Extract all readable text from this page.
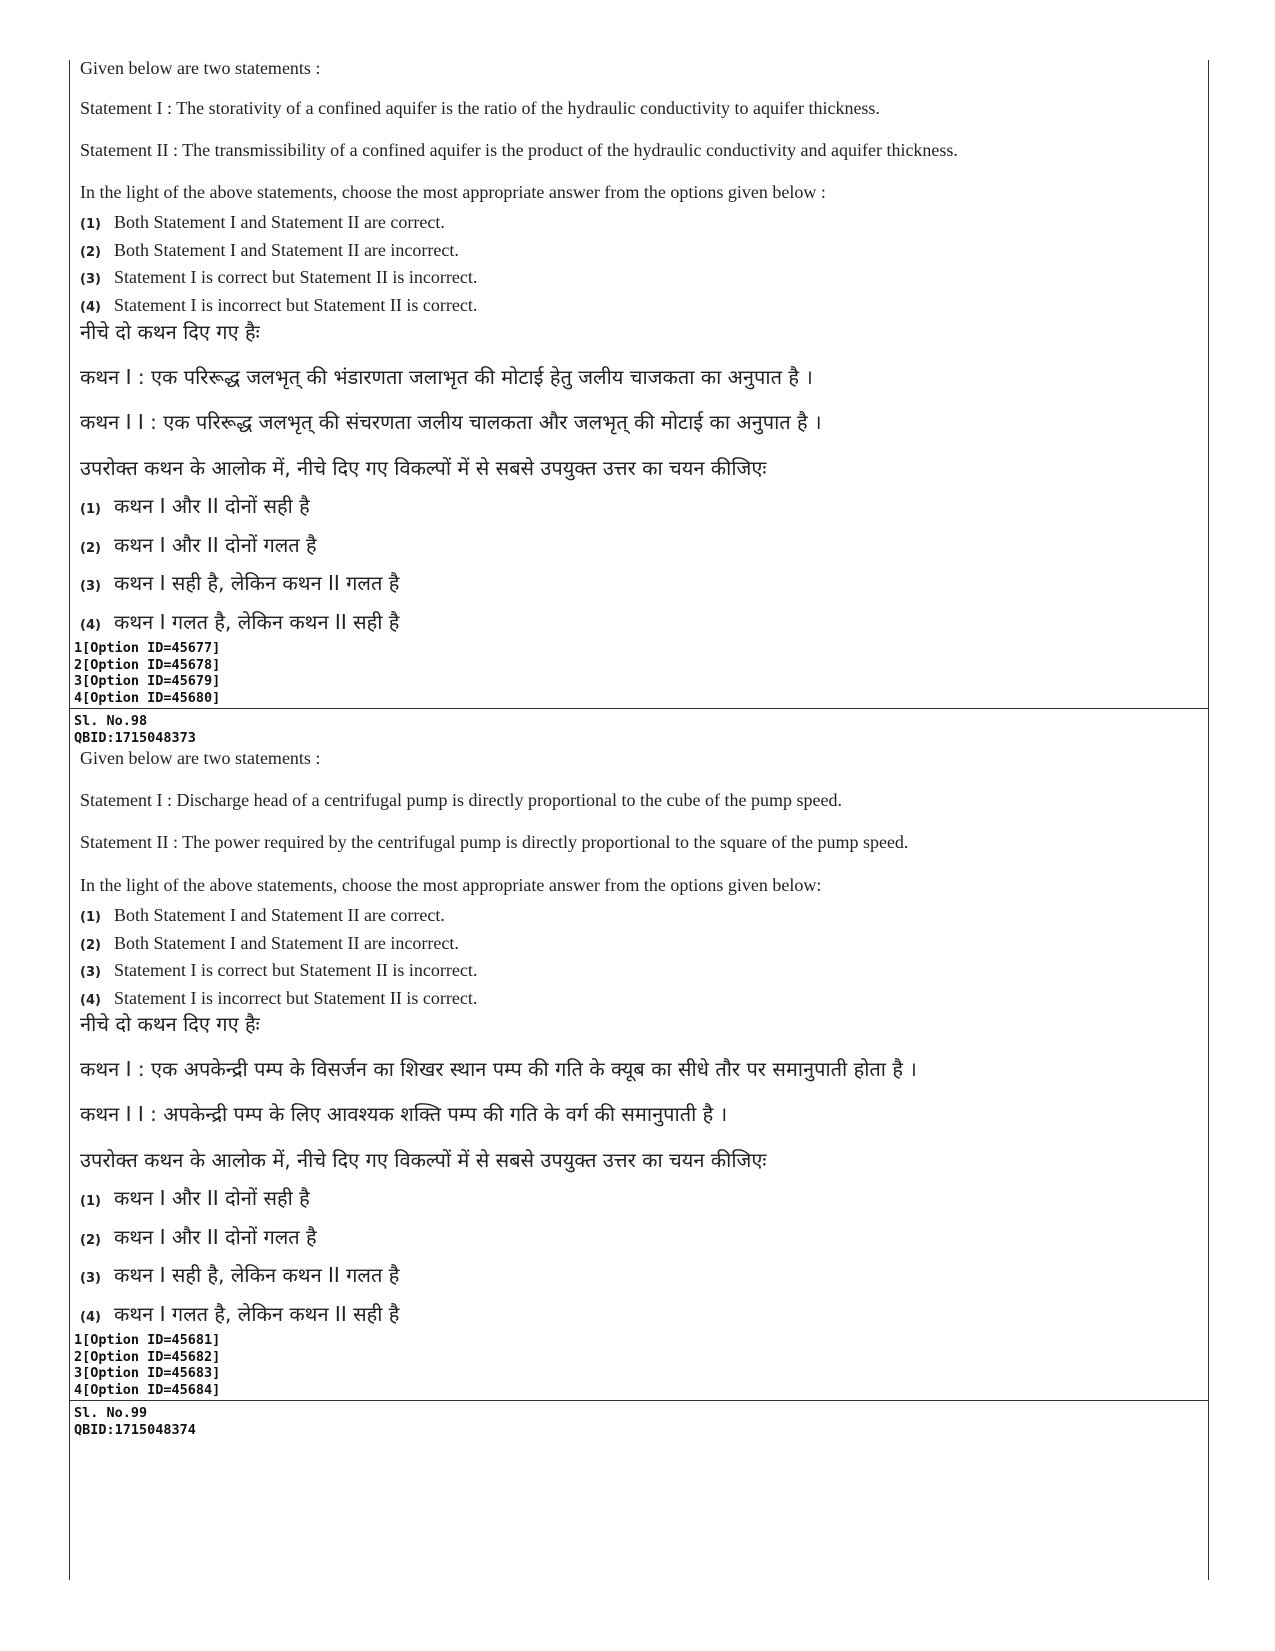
Given below are two statements :

Statement I : The storativity of a confined aquifer is the ratio of the hydraulic conductivity to aquifer thickness.

Statement II : The transmissibility of a confined aquifer is the product of the hydraulic conductivity and aquifer thickness.

In the light of the above statements, choose the most appropriate answer from the options given below :

(1) Both Statement I and Statement II are correct.
(2) Both Statement I and Statement II are incorrect.
(3) Statement I is correct but Statement II is incorrect.
(4) Statement I is incorrect but Statement II is correct.

नीचे दो कथन दिए गए हैः

कथन I : एक परिरूद्ध जलभृत् की भंडारणता जलाभृत की मोटाई हेतु जलीय चाजकता का अनुपात है ।

कथन I I : एक परिरूद्ध जलभृत् की संचरणता जलीय चालकता और जलभृत् की मोटाई का अनुपात है ।

उपरोक्त कथन के आलोक में, नीचे दिए गए विकल्पों में से सबसे उपयुक्त उत्तर का चयन कीजिएः

(1) कथन I और II दोनों सही है
(2) कथन I और II दोनों गलत है
(3) कथन I सही है, लेकिन कथन II गलत है
(4) कथन I गलत है, लेकिन कथन II सही है
1[Option ID=45677]
2[Option ID=45678]
3[Option ID=45679]
4[Option ID=45680]
Sl. No.98
QBID:1715048373

Given below are two statements :

Statement I : Discharge head of a centrifugal pump is directly proportional to the cube of the pump speed.

Statement II : The power required by the centrifugal pump is directly proportional to the square of the pump speed.

In the light of the above statements, choose the most appropriate answer from the options given below:

(1) Both Statement I and Statement II are correct.
(2) Both Statement I and Statement II are incorrect.
(3) Statement I is correct but Statement II is incorrect.
(4) Statement I is incorrect but Statement II is correct.

नीचे दो कथन दिए गए हैः

कथन I : एक अपकेन्द्री पम्प के विसर्जन का शिखर स्थान पम्प की गति के क्यूब का सीधे तौर पर समानुपाती होता है ।

कथन I I : अपकेन्द्री पम्प के लिए आवश्यक शक्ति पम्प की गति के वर्ग की समानुपाती है ।

उपरोक्त कथन के आलोक में, नीचे दिए गए विकल्पों में से सबसे उपयुक्त उत्तर का चयन कीजिएः

(1) कथन I और II दोनों सही है
(2) कथन I और II दोनों गलत है
(3) कथन I सही है, लेकिन कथन II गलत है
(4) कथन I गलत है, लेकिन कथन II सही है
1[Option ID=45681]
2[Option ID=45682]
3[Option ID=45683]
4[Option ID=45684]
Sl. No.99
QBID:1715048374
